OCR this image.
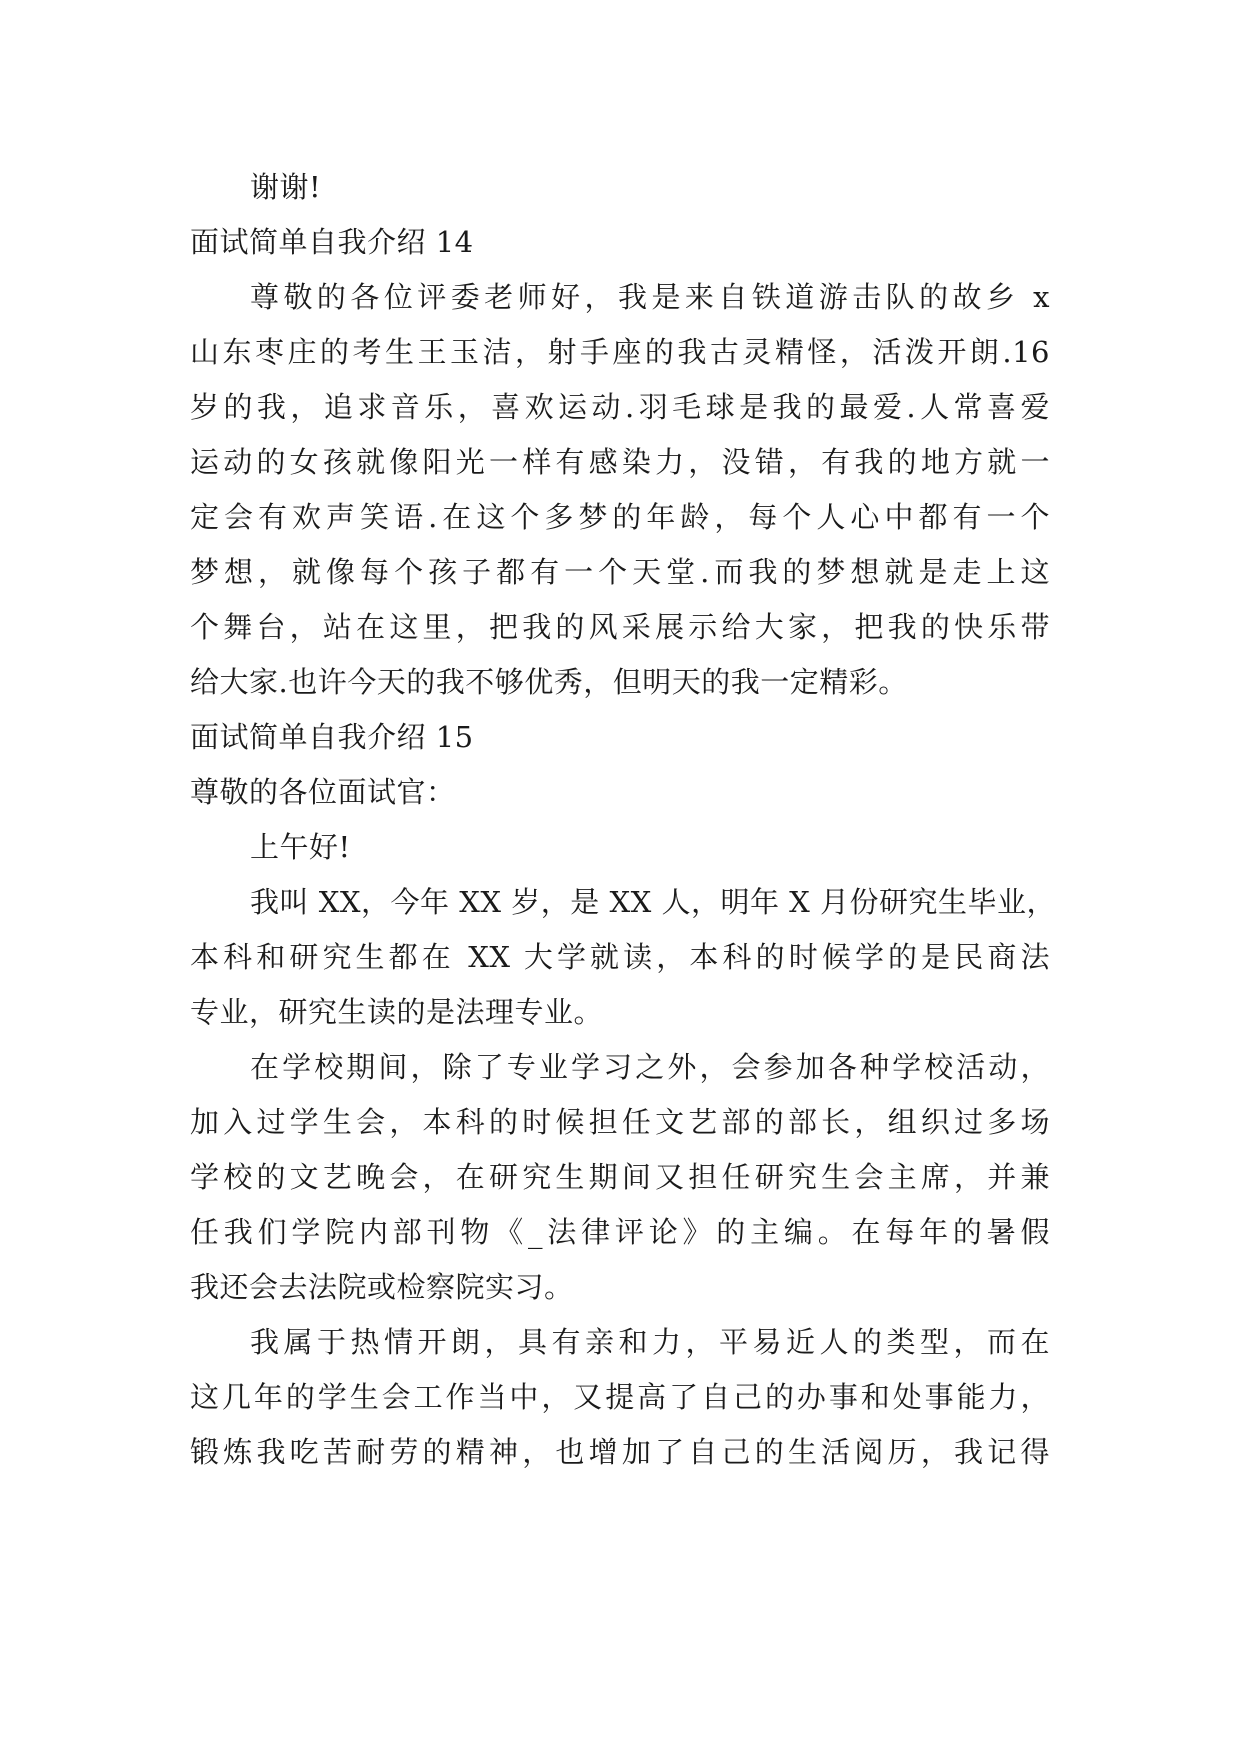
谢谢!
面试简单自我介绍 14
尊敬的各位评委老师好，我是来自铁道游击队的故乡 x
山东枣庄的考生王玉洁，射手座的我古灵精怪，活泼开朗.16
岁的我，追求音乐，喜欢运动.羽毛球是我的最爱.人常喜爱
运动的女孩就像阳光一样有感染力，没错，有我的地方就一
定会有欢声笑语.在这个多梦的年龄，每个人心中都有一个
梦想，就像每个孩子都有一个天堂.而我的梦想就是走上这
个舞台，站在这里，把我的风采展示给大家，把我的快乐带
给大家.也许今天的我不够优秀，但明天的我一定精彩。
面试简单自我介绍 15
尊敬的各位面试官：
上午好!
我叫 XX，今年 XX 岁，是 XX 人，明年 X 月份研究生毕业，
本科和研究生都在 XX 大学就读，本科的时候学的是民商法
专业，研究生读的是法理专业。
在学校期间，除了专业学习之外，会参加各种学校活动，
加入过学生会，本科的时候担任文艺部的部长，组织过多场
学校的文艺晚会，在研究生期间又担任研究生会主席，并兼
任我们学院内部刊物《_法律评论》的主编。在每年的暑假
我还会去法院或检察院实习。
我属于热情开朗，具有亲和力，平易近人的类型，而在
这几年的学生会工作当中，又提高了自己的办事和处事能力，
锻炼我吃苦耐劳的精神，也增加了自己的生活阅历，我记得
